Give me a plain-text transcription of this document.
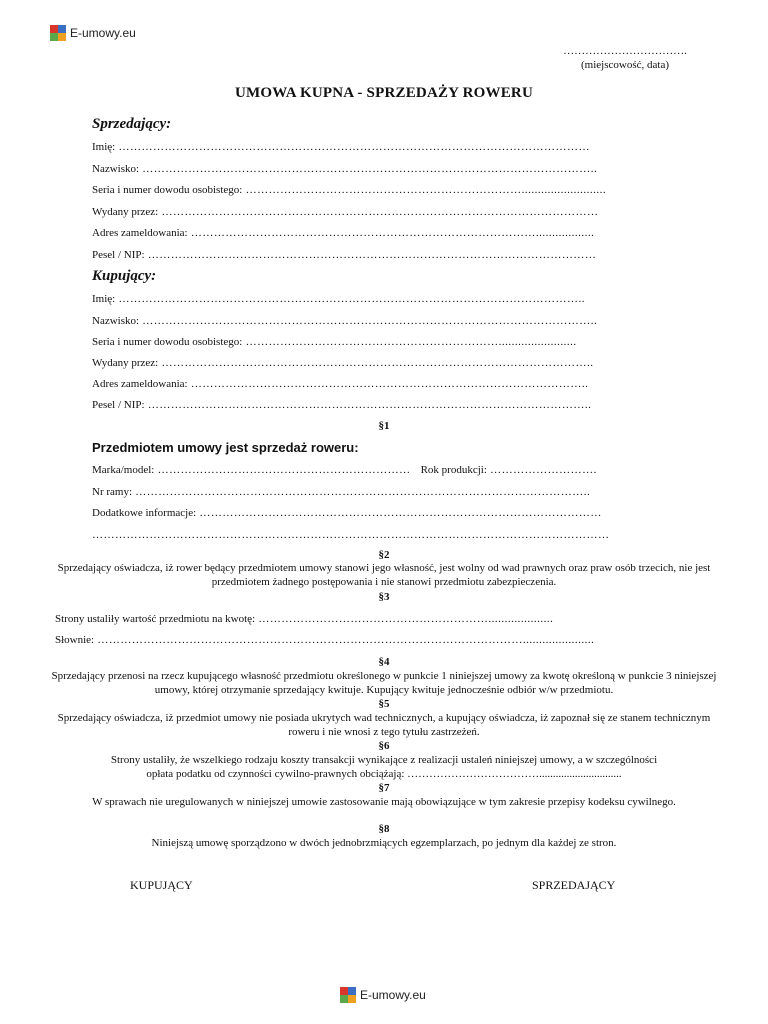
E-umowy.eu
…………………………….
(miejscowość, data)
UMOWA KUPNA - SPRZEDAŻY ROWERU
Sprzedający:
Imię: ……………………………………………………………………………………………………………
Nazwisko: ………………………………………………………………………………………………………..
Seria i numer dowodu osobistego: ………………………………………………………………..........................
Wydany przez: ……………………………………………………………………………………………………
Adres zameldowania: ………………………………………………………………………………..................
Pesel / NIP: ………………………………………………………………………………………………………
Kupujący:
Imię: …………………………………………………………………………………………………………..
Nazwisko: ………………………………………………………………………………………………………..
Seria i numer dowodu osobistego: …………………………………………………………........................
Wydany przez: …………………………………………………………………………………………………..
Adres zameldowania: …………………………………………………………………………………………..
Pesel / NIP: ……………………………………………………………………………………………………..
§1
Przedmiotem umowy jest sprzedaż roweru:
Marka/model: ………………………………………………………… Rok produkcji: ……………………….
Nr ramy: ………………………………………………………………………………………………………..
Dodatkowe informacje: ……………………………………………………………………………………………
………………………………………………………………………………………………………………………
§2
Sprzedający oświadcza, iż rower będący przedmiotem umowy stanowi jego własność, jest wolny od wad prawnych oraz praw osób trzecich, nie jest przedmiotem żadnego postępowania i nie stanowi przedmiotu zabezpieczenia.
§3
Strony ustaliły wartość przedmiotu na kwotę: ……………………………………………………....................
Słownie: …………………………………………………………………………………………………......................
§4
Sprzedający przenosi na rzecz kupującego własność przedmiotu określonego w punkcie 1 niniejszej umowy za kwotę określoną w punkcie 3 niniejszej umowy, której otrzymanie sprzedający kwituje. Kupujący kwituje jednocześnie odbiór w/w przedmiotu.
§5
Sprzedający oświadcza, iż przedmiot umowy nie posiada ukrytych wad technicznych, a kupujący oświadcza, iż zapoznał się ze stanem technicznym roweru i nie wnosi z tego tytułu zastrzeżeń.
§6
Strony ustaliły, że wszelkiego rodzaju koszty transakcji wynikające z realizacji ustaleń niniejszej umowy, a w szczególności
opłata podatku od czynności cywilno-prawnych obciążają: ………………………………..............................
§7
W sprawach nie uregulowanych w niniejszej umowie zastosowanie mają obowiązujące w tym zakresie przepisy kodeksu cywilnego.
§8
Niniejszą umowę sporządzono w dwóch jednobrzmiących egzemplarzach, po jednym dla każdej ze stron.
KUPUJĄCY	SPRZEDAJĄCY
E-umowy.eu
